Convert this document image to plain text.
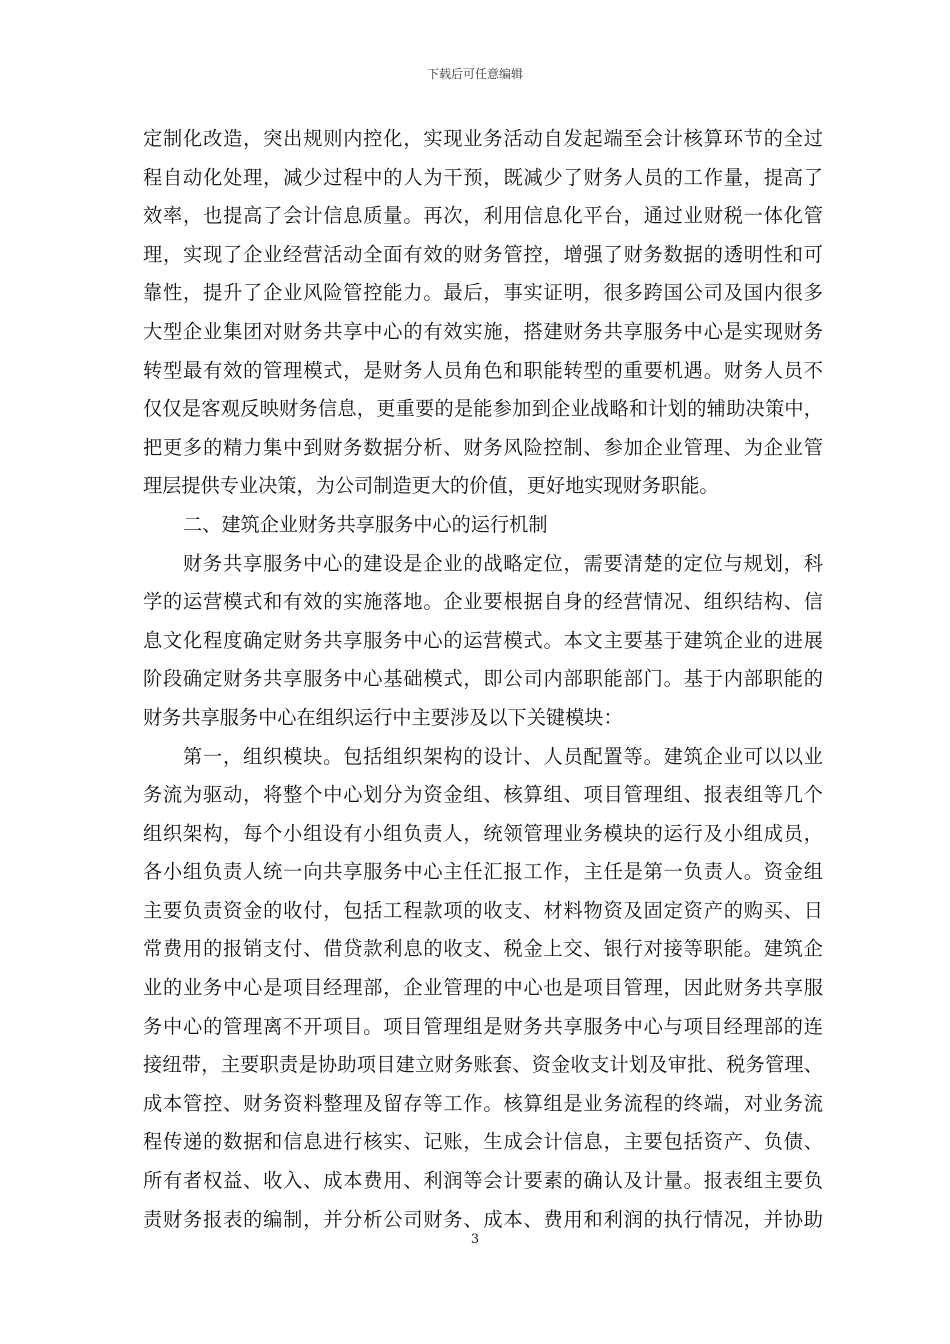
下载后可任意编辑
定制化改造，突出规则内控化，实现业务活动自发起端至会计核算环节的全过
程自动化处理，减少过程中的人为干预，既减少了财务人员的工作量，提高了
效率，也提高了会计信息质量。再次，利用信息化平台，通过业财税一体化管
理，实现了企业经营活动全面有效的财务管控，增强了财务数据的透明性和可
靠性，提升了企业风险管控能力。最后，事实证明，很多跨国公司及国内很多
大型企业集团对财务共享中心的有效实施，搭建财务共享服务中心是实现财务
转型最有效的管理模式，是财务人员角色和职能转型的重要机遇。财务人员不
仅仅是客观反映财务信息，更重要的是能参加到企业战略和计划的辅助决策中，
把更多的精力集中到财务数据分析、财务风险控制、参加企业管理、为企业管
理层提供专业决策，为公司制造更大的价值，更好地实现财务职能。
二、建筑企业财务共享服务中心的运行机制
财务共享服务中心的建设是企业的战略定位，需要清楚的定位与规划，科
学的运营模式和有效的实施落地。企业要根据自身的经营情况、组织结构、信
息文化程度确定财务共享服务中心的运营模式。本文主要基于建筑企业的进展
阶段确定财务共享服务中心基础模式，即公司内部职能部门。基于内部职能的
财务共享服务中心在组织运行中主要涉及以下关键模块：
第一，组织模块。包括组织架构的设计、人员配置等。建筑企业可以以业
务流为驱动，将整个中心划分为资金组、核算组、项目管理组、报表组等几个
组织架构，每个小组设有小组负责人，统领管理业务模块的运行及小组成员，
各小组负责人统一向共享服务中心主任汇报工作，主任是第一负责人。资金组
主要负责资金的收付，包括工程款项的收支、材料物资及固定资产的购买、日
常费用的报销支付、借贷款利息的收支、税金上交、银行对接等职能。建筑企
业的业务中心是项目经理部，企业管理的中心也是项目管理，因此财务共享服
务中心的管理离不开项目。项目管理组是财务共享服务中心与项目经理部的连
接纽带，主要职责是协助项目建立财务账套、资金收支计划及审批、税务管理、
成本管控、财务资料整理及留存等工作。核算组是业务流程的终端，对业务流
程传递的数据和信息进行核实、记账，生成会计信息，主要包括资产、负债、
所有者权益、收入、成本费用、利润等会计要素的确认及计量。报表组主要负
责财务报表的编制，并分析公司财务、成本、费用和利润的执行情况，并协助
3
